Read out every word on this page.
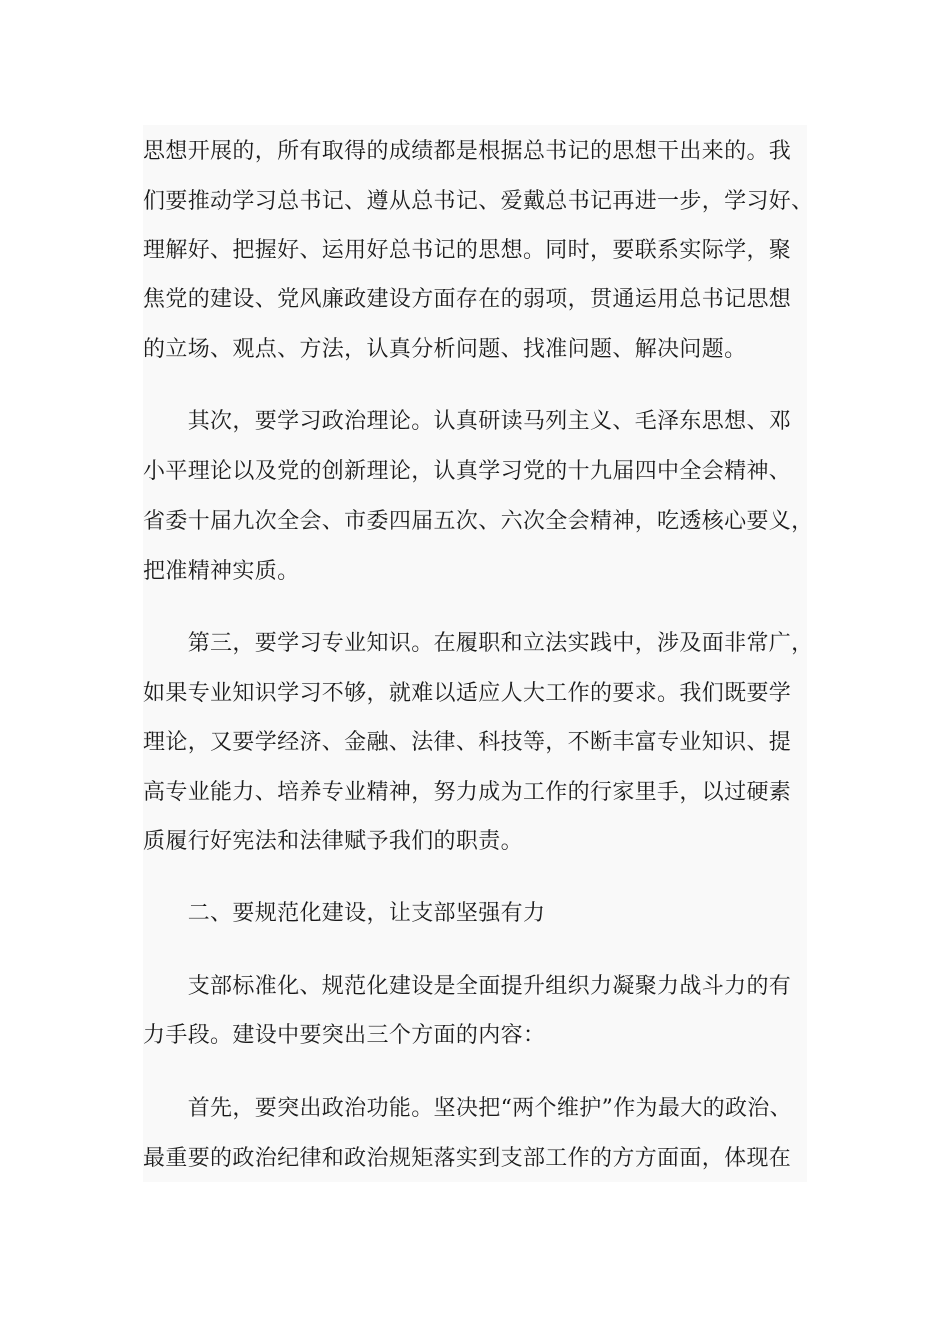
思想开展的，所有取得的成绩都是根据总书记的思想干出来的。我
们要推动学习总书记、遵从总书记、爱戴总书记再进一步，学习好、
理解好、把握好、运用好总书记的思想。同时，要联系实际学，聚
焦党的建设、党风廉政建设方面存在的弱项，贯通运用总书记思想
的立场、观点、方法，认真分析问题、找准问题、解决问题。
　　其次，要学习政治理论。认真研读马列主义、毛泽东思想、邓
小平理论以及党的创新理论，认真学习党的十九届四中全会精神、
省委十届九次全会、市委四届五次、六次全会精神，吃透核心要义，
把准精神实质。
　　第三，要学习专业知识。在履职和立法实践中，涉及面非常广，
如果专业知识学习不够，就难以适应人大工作的要求。我们既要学
理论，又要学经济、金融、法律、科技等，不断丰富专业知识、提
高专业能力、培养专业精神，努力成为工作的行家里手，以过硬素
质履行好宪法和法律赋予我们的职责。
　　二、要规范化建设，让支部坚强有力
　　支部标准化、规范化建设是全面提升组织力凝聚力战斗力的有
力手段。建设中要突出三个方面的内容：
　　首先，要突出政治功能。坚决把“两个维护”作为最大的政治、
最重要的政治纪律和政治规矩落实到支部工作的方方面面，体现在
